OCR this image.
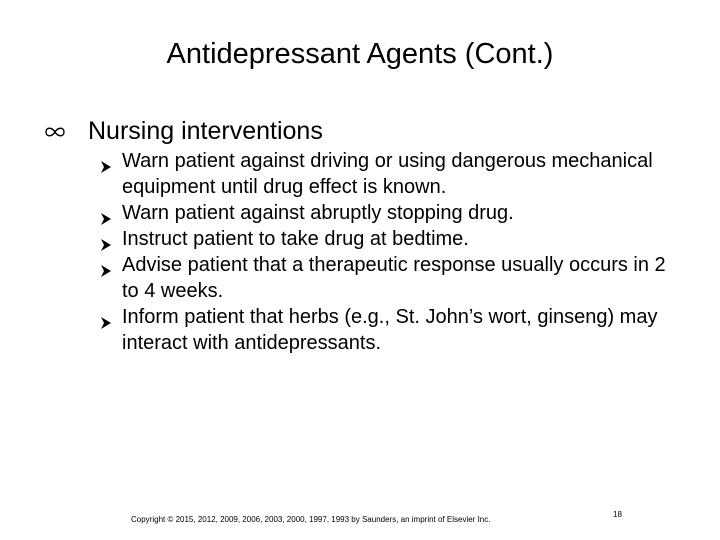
Antidepressant Agents (Cont.)
Nursing interventions
Warn patient against driving or using dangerous mechanical equipment until drug effect is known.
Warn patient against abruptly stopping drug.
Instruct patient to take drug at bedtime.
Advise patient that a therapeutic response usually occurs in 2 to 4 weeks.
Inform patient that herbs (e.g., St. John’s wort, ginseng) may interact with antidepressants.
Copyright © 2015, 2012, 2009, 2006, 2003, 2000, 1997, 1993 by Saunders, an imprint of Elsevier Inc.
18
